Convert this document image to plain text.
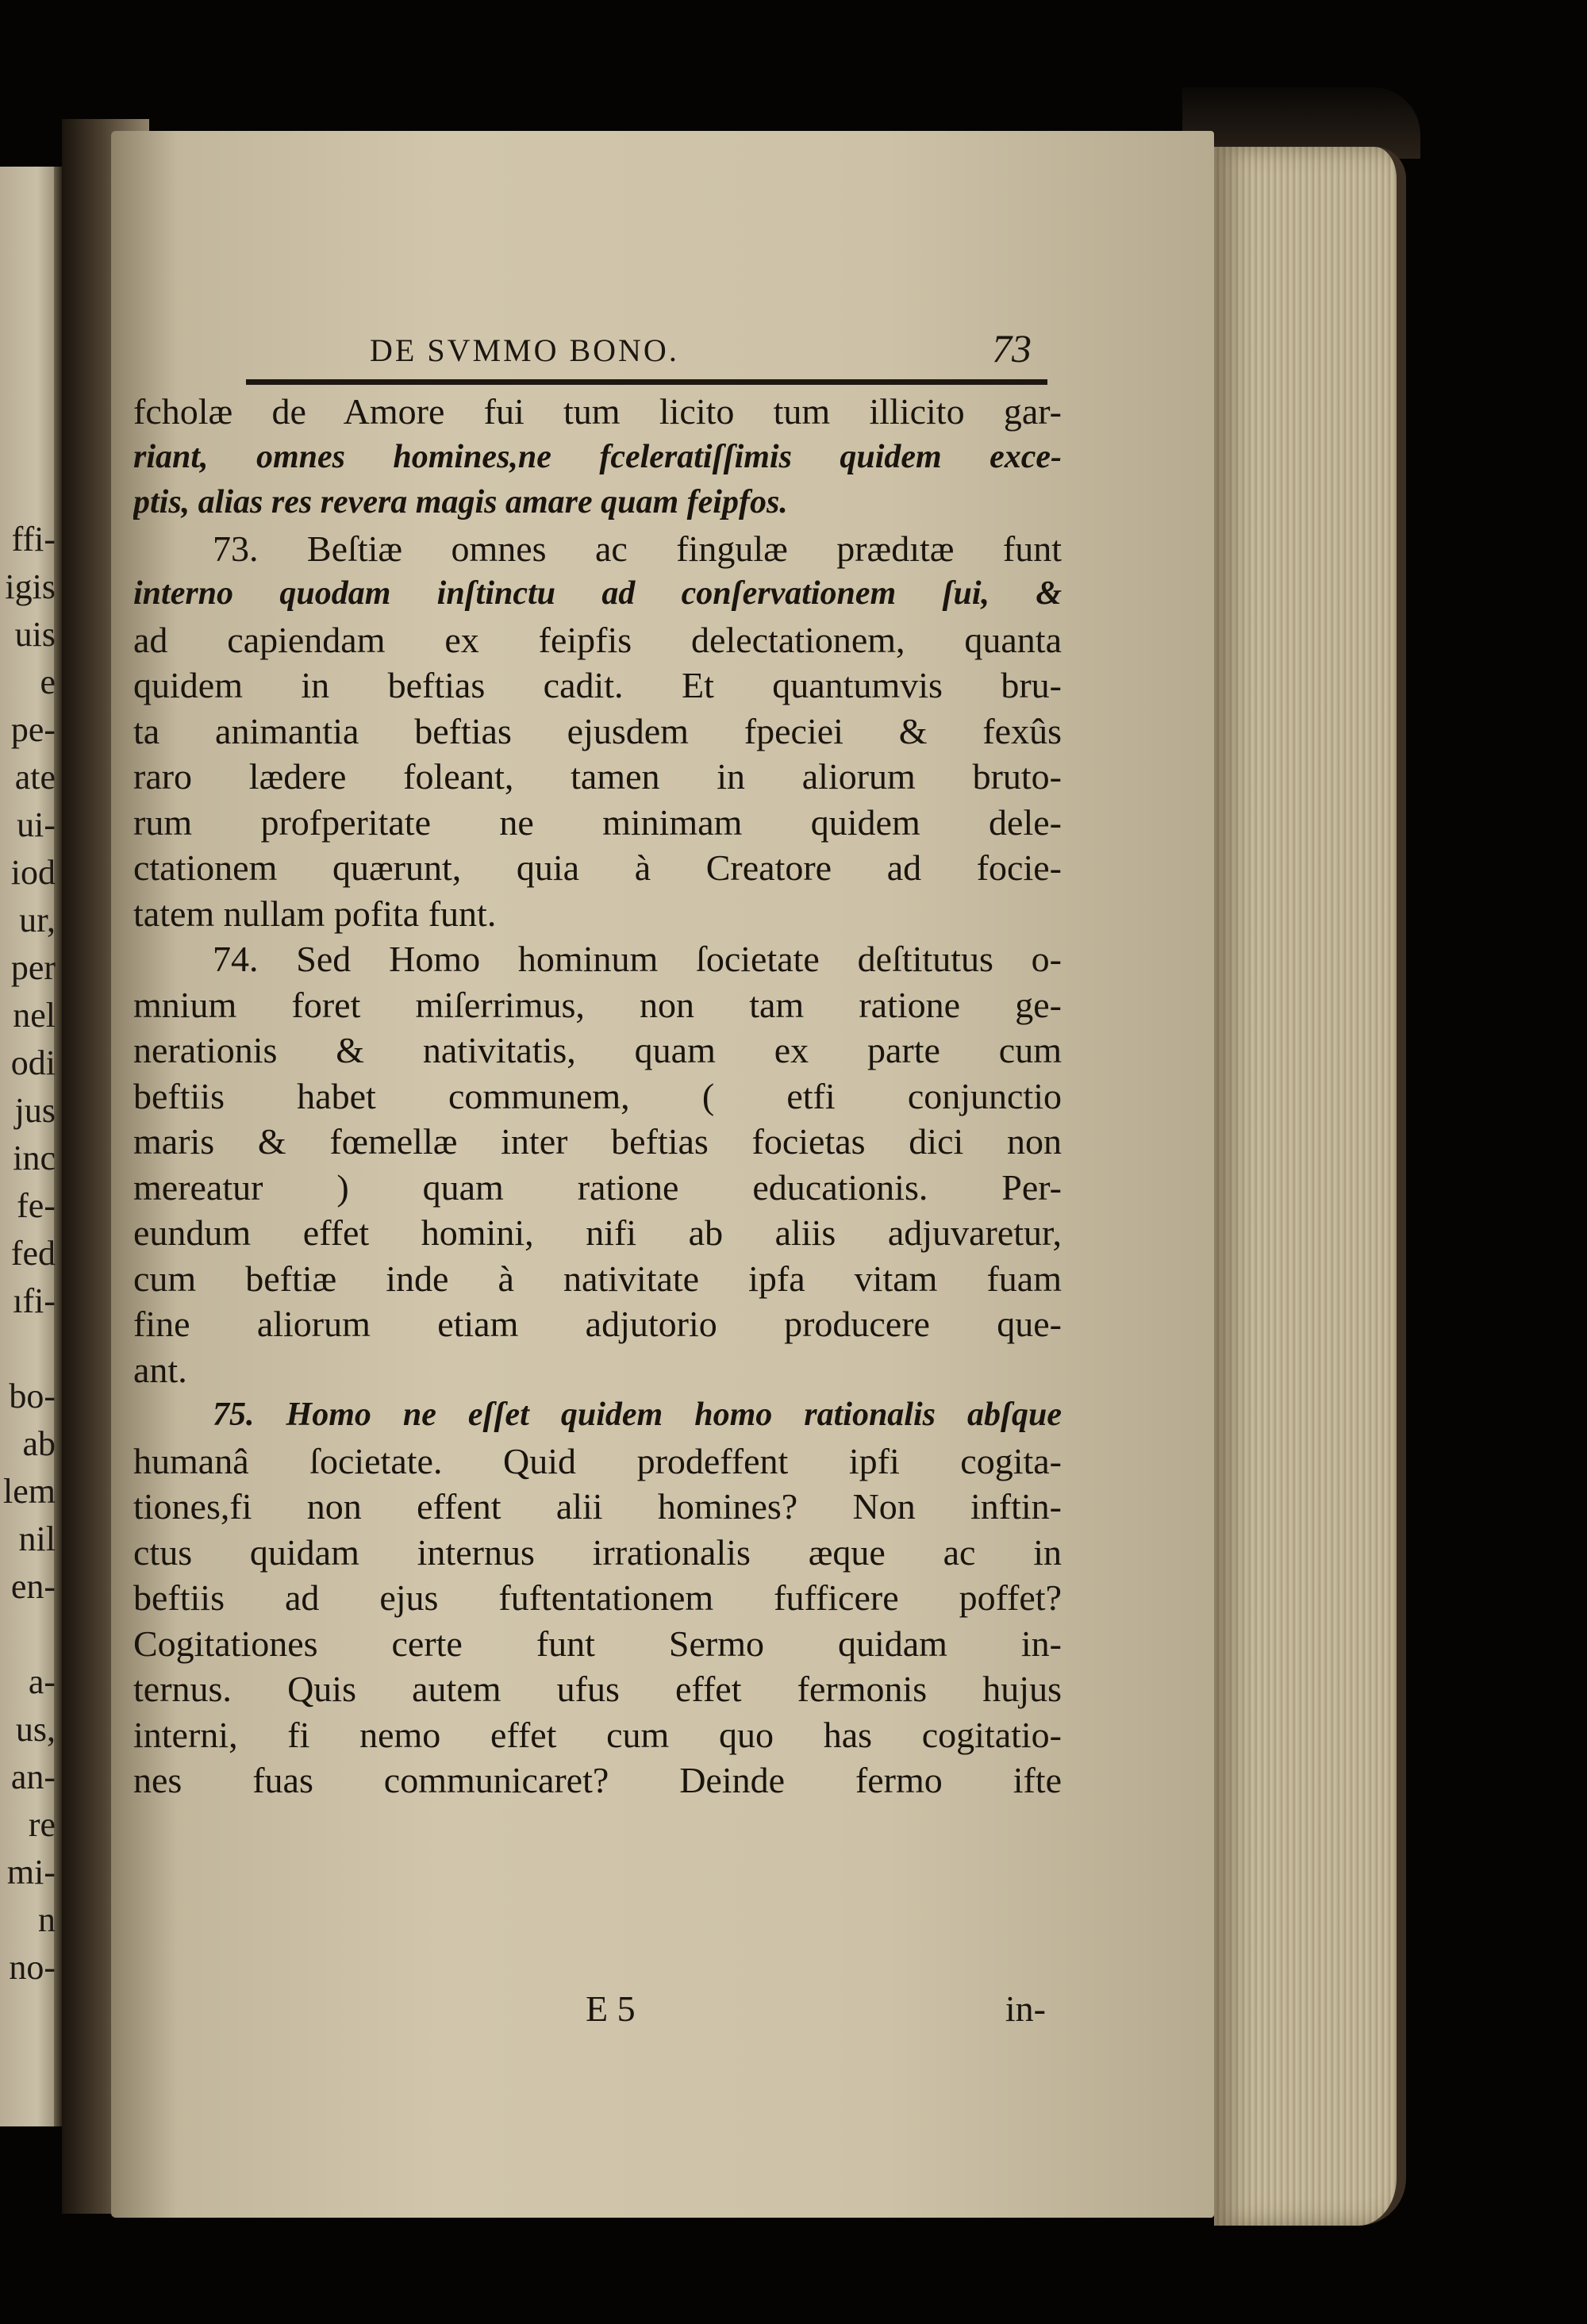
ffi-
igis
uis
e
pe-
ate
ui-
iod
ur,
per
nel
odi
jus
inc
fe-
fed
ıfi-
bo-
ab
lem
nil
en-
a-
us,
an-
re
mi-
n
no-
DE SVMMO BONO.	73
fcholæ de Amore fui tum licito tum illicito gar-
riant, omnes homines,ne fceleratiſſimis quidem exce-
ptis, alias res revera magis amare quam feipfos.
73. Beſtiæ omnes ac fingulæ prædıtæ funt
interno quodam inſtinctu ad conſervationem ſui, &
ad capiendam ex feipfis delectationem, quanta
quidem in beftias cadit. Et quantumvis bru-
ta animantia beftias ejusdem fpeciei & fexûs
raro lædere foleant, tamen in aliorum bruto-
rum profperitate ne minimam quidem dele-
ctationem quærunt, quia à Creatore ad focie-
tatem nullam pofita funt.
74. Sed Homo hominum ſocietate deſtitutus o-
mnium foret miſerrimus, non tam ratione ge-
nerationis & nativitatis, quam ex parte cum
beftiis habet communem, ( etfi conjunctio
maris & fœmellæ inter beftias focietas dici non
mereatur ) quam ratione educationis. Per-
eundum effet homini, nifi ab aliis adjuvaretur,
cum beftiæ inde à nativitate ipfa vitam fuam
fine aliorum etiam adjutorio producere que-
ant.
75. Homo ne eſſet quidem homo rationalis abſque
humanâ ſocietate. Quid prodeffent ipfi cogita-
tiones,fi non effent alii homines? Non inftin-
ctus quidam internus irrationalis æque ac in
beftiis ad ejus fuftentationem fufficere poffet?
Cogitationes certe funt Sermo quidam in-
ternus. Quis autem ufus effet fermonis hujus
interni, fi nemo effet cum quo has cogitatio-
nes fuas communicaret? Deinde fermo ifte
E 5	in-
